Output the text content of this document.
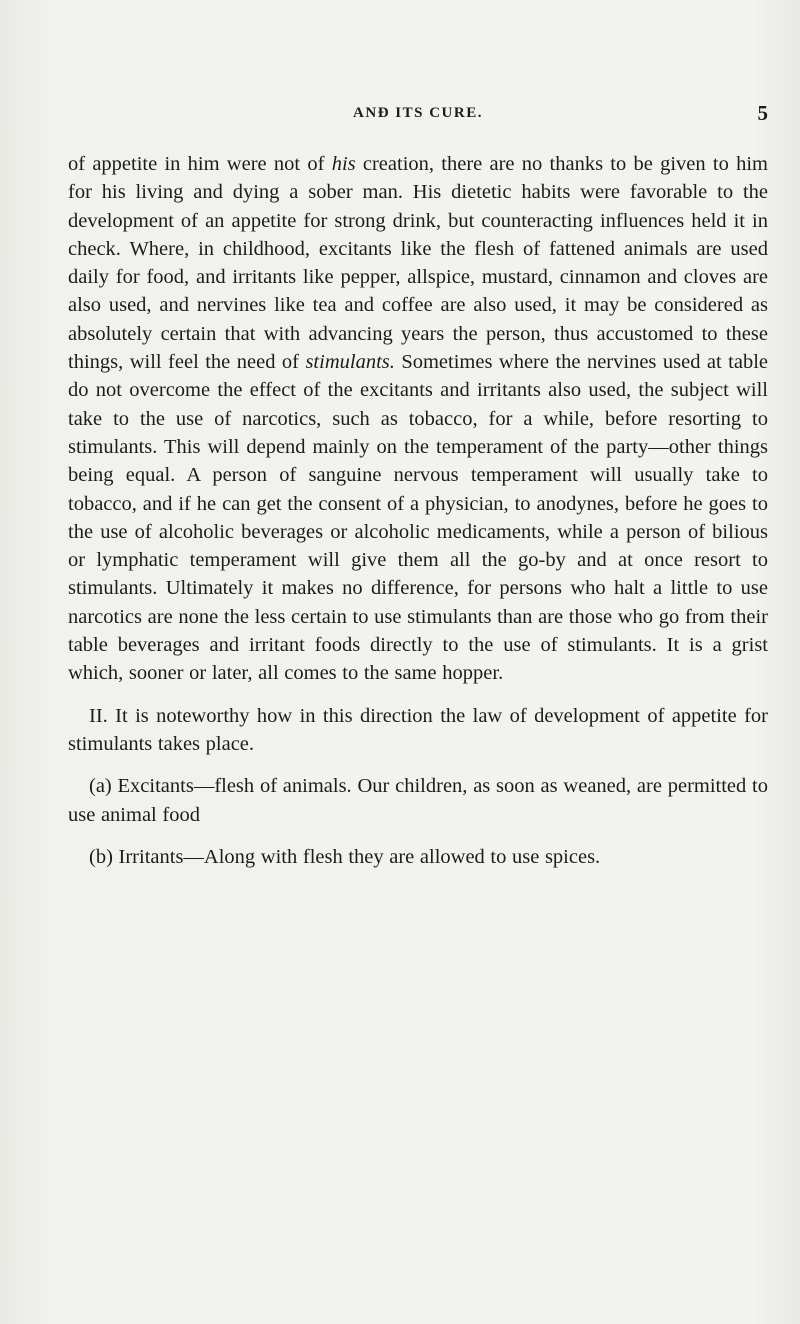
ANÐ ITS CURE.	5

of appetite in him were not of his creation, there are no thanks to be given to him for his living and dying a sober man. His dietetic habits were favorable to the development of an appetite for strong drink, but counteracting influences held it in check. Where, in childhood, excitants like the flesh of fattened animals are used daily for food, and irritants like pepper, allspice, mustard, cinnamon and cloves are also used, and nervines like tea and coffee are also used, it may be considered as absolutely certain that with advancing years the person, thus accustomed to these things, will feel the need of stimulants. Sometimes where the nervines used at table do not overcome the effect of the excitants and irritants also used, the subject will take to the use of narcotics, such as tobacco, for a while, before resorting to stimulants. This will depend mainly on the temperament of the party—other things being equal. A person of sanguine nervous temperament will usually take to tobacco, and if he can get the consent of a physician, to anodynes, before he goes to the use of alcoholic beverages or alcoholic medicaments, while a person of bilious or lymphatic temperament will give them all the go-by and at once resort to stimulants. Ultimately it makes no difference, for persons who halt a little to use narcotics are none the less certain to use stimulants than are those who go from their table beverages and irritant foods directly to the use of stimulants. It is a grist which, sooner or later, all comes to the same hopper.

II. It is noteworthy how in this direction the law of development of appetite for stimulants takes place.

(a) Excitants—flesh of animals. Our children, as soon as weaned, are permitted to use animal food

(b) Irritants—Along with flesh they are allowed to use spices.
